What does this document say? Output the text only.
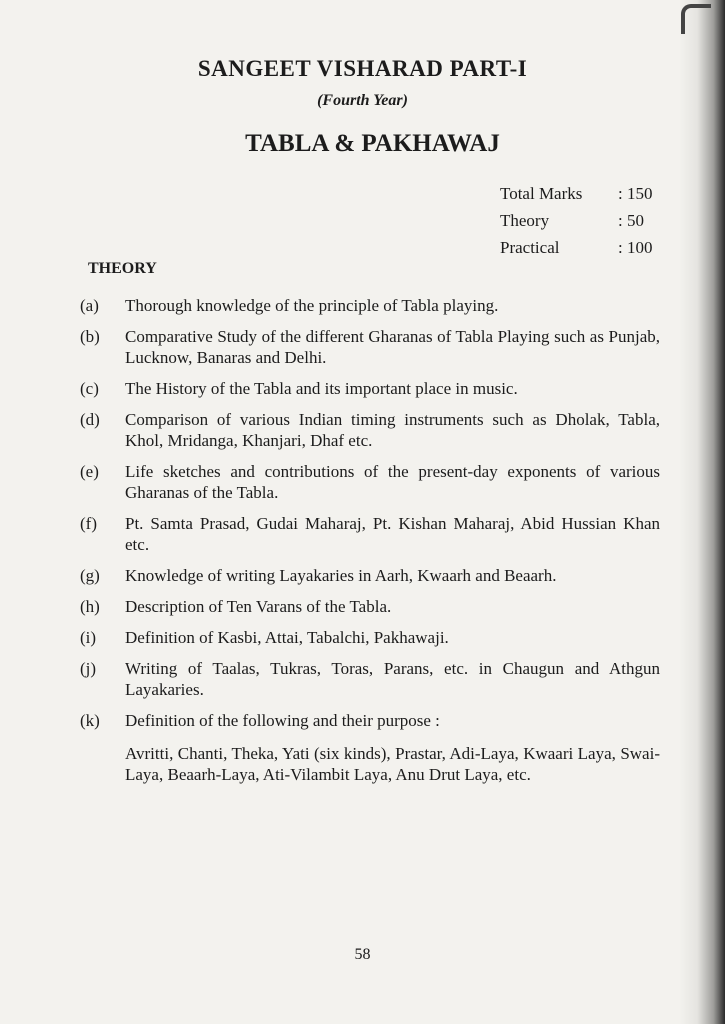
SANGEET VISHARAD PART-I

(Fourth Year)

TABLA & PAKHAWAJ
Total Marks	: 150
Theory	: 50
Practical	: 100
THEORY
(a)	Thorough knowledge of the principle of Tabla playing.
(b)	Comparative Study of the different Gharanas of Tabla Playing such as Punjab, Lucknow, Banaras and Delhi.
(c)	The History of the Tabla and its important place in music.
(d)	Comparison of various Indian timing instruments such as Dholak, Tabla, Khol, Mridanga, Khanjari, Dhaf etc.
(e)	Life sketches and contributions of the present-day exponents of various Gharanas of the Tabla.
(f)	Pt. Samta Prasad, Gudai Maharaj, Pt. Kishan Maharaj, Abid Hussian Khan etc.
(g)	Knowledge of writing Layakaries in Aarh, Kwaarh and Beaarh.
(h)	Description of Ten Varans of the Tabla.
(i)	Definition of Kasbi, Attai, Tabalchi, Pakhawaji.
(j)	Writing of Taalas, Tukras, Toras, Parans, etc. in Chaugun and Athgun Layakaries.
(k)	Definition of the following and their purpose :
Avritti, Chanti, Theka, Yati (six kinds), Prastar, Adi-Laya, Kwaari Laya, Swai-Laya, Beaarh-Laya, Ati-Vilambit Laya, Anu Drut Laya, etc.

58
